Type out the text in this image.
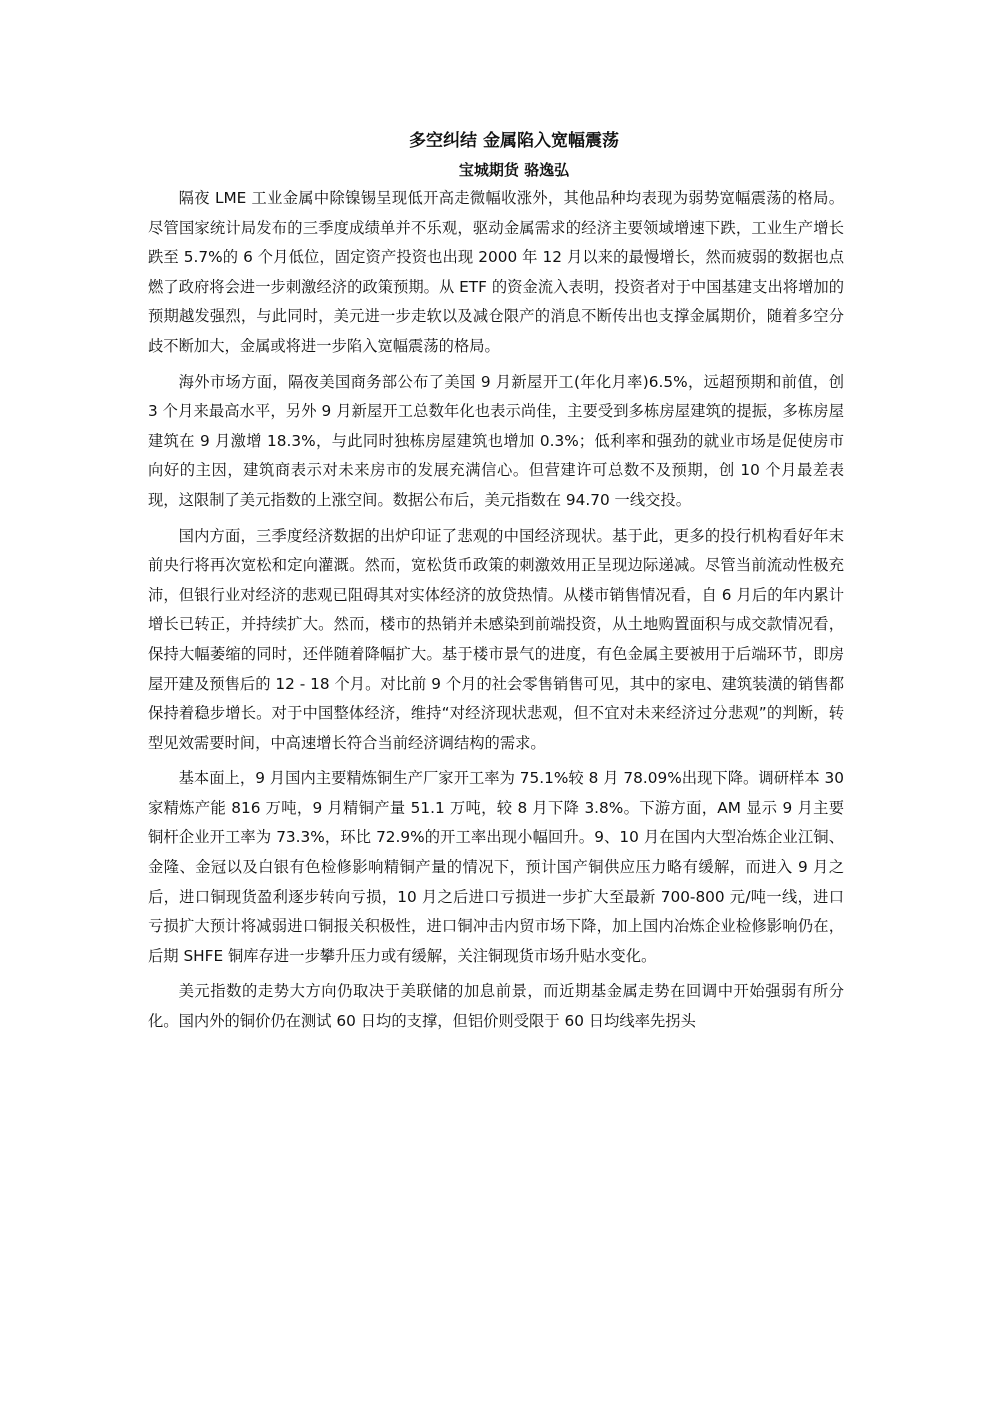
多空纠结 金属陷入宽幅震荡

宝城期货 骆逸弘

隔夜 LME 工业金属中除镍锡呈现低开高走微幅收涨外，其他品种均表现为弱势宽幅震荡的格局。尽管国家统计局发布的三季度成绩单并不乐观，驱动金属需求的经济主要领域增速下跌，工业生产增长跌至 5.7%的 6 个月低位，固定资产投资也出现 2000 年 12 月以来的最慢增长，然而疲弱的数据也点燃了政府将会进一步刺激经济的政策预期。从 ETF 的资金流入表明，投资者对于中国基建支出将增加的预期越发强烈，与此同时，美元进一步走软以及减仓限产的消息不断传出也支撑金属期价，随着多空分歧不断加大，金属或将进一步陷入宽幅震荡的格局。

海外市场方面，隔夜美国商务部公布了美国 9 月新屋开工(年化月率)6.5%，远超预期和前值，创 3 个月来最高水平，另外 9 月新屋开工总数年化也表示尚佳，主要受到多栋房屋建筑的提振，多栋房屋建筑在 9 月激增 18.3%，与此同时独栋房屋建筑也增加 0.3%；低利率和强劲的就业市场是促使房市向好的主因，建筑商表示对未来房市的发展充满信心。但营建许可总数不及预期，创 10 个月最差表现，这限制了美元指数的上涨空间。数据公布后，美元指数在 94.70 一线交投。

国内方面，三季度经济数据的出炉印证了悲观的中国经济现状。基于此，更多的投行机构看好年末前央行将再次宽松和定向灌溉。然而，宽松货币政策的刺激效用正呈现边际递减。尽管当前流动性极充沛，但银行业对经济的悲观已阻碍其对实体经济的放贷热情。从楼市销售情况看，自 6 月后的年内累计增长已转正，并持续扩大。然而，楼市的热销并未感染到前端投资，从土地购置面积与成交款情况看，保持大幅萎缩的同时，还伴随着降幅扩大。基于楼市景气的进度，有色金属主要被用于后端环节，即房屋开建及预售后的 12 - 18 个月。对比前 9 个月的社会零售销售可见，其中的家电、建筑装潢的销售都保持着稳步增长。对于中国整体经济，维持“对经济现状悲观，但不宜对未来经济过分悲观”的判断，转型见效需要时间，中高速增长符合当前经济调结构的需求。

基本面上，9 月国内主要精炼铜生产厂家开工率为 75.1%较 8 月 78.09%出现下降。调研样本 30 家精炼产能 816 万吨，9 月精铜产量 51.1 万吨，较 8 月下降 3.8%。下游方面，AM 显示 9 月主要铜杆企业开工率为 73.3%，环比 72.9%的开工率出现小幅回升。9、10 月在国内大型冶炼企业江铜、金隆、金冠以及白银有色检修影响精铜产量的情况下，预计国产铜供应压力略有缓解，而进入 9 月之后，进口铜现货盈利逐步转向亏损，10 月之后进口亏损进一步扩大至最新 700-800 元/吨一线，进口亏损扩大预计将减弱进口铜报关积极性，进口铜冲击内贸市场下降，加上国内冶炼企业检修影响仍在，后期 SHFE 铜库存进一步攀升压力或有缓解，关注铜现货市场升贴水变化。

美元指数的走势大方向仍取决于美联储的加息前景，而近期基金属走势在回调中开始强弱有所分化。国内外的铜价仍在测试 60 日均的支撑，但铝价则受限于 60 日均线率先拐头
